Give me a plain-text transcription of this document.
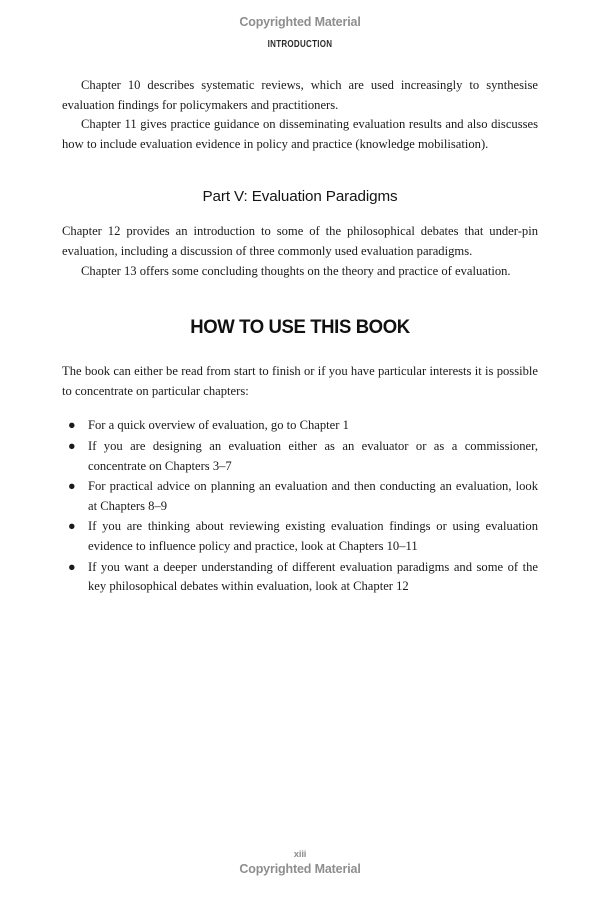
Copyrighted Material
INTRODUCTION

Chapter 10 describes systematic reviews, which are used increasingly to synthesise evaluation findings for policymakers and practitioners.

Chapter 11 gives practice guidance on disseminating evaluation results and also discusses how to include evaluation evidence in policy and practice (knowledge mobilisation).

Part V: Evaluation Paradigms

Chapter 12 provides an introduction to some of the philosophical debates that under-pin evaluation, including a discussion of three commonly used evaluation paradigms.

Chapter 13 offers some concluding thoughts on the theory and practice of evaluation.

HOW TO USE THIS BOOK

The book can either be read from start to finish or if you have particular interests it is possible to concentrate on particular chapters:

● For a quick overview of evaluation, go to Chapter 1
● If you are designing an evaluation either as an evaluator or as a commissioner, concentrate on Chapters 3–7
● For practical advice on planning an evaluation and then conducting an evaluation, look at Chapters 8–9
● If you are thinking about reviewing existing evaluation findings or using evaluation evidence to influence policy and practice, look at Chapters 10–11
● If you want a deeper understanding of different evaluation paradigms and some of the key philosophical debates within evaluation, look at Chapter 12
xiii
Copyrighted Material
